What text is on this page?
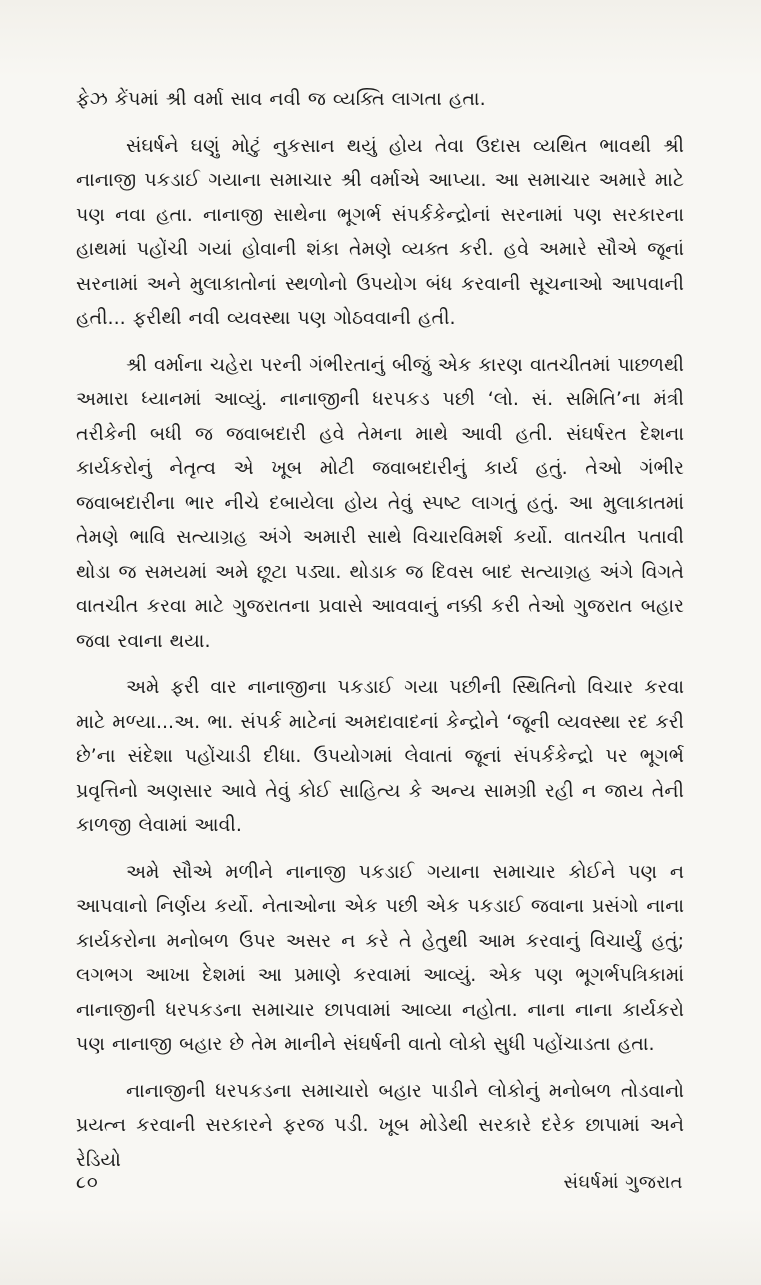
ફેઝ કેંપમાં શ્રી વર્મા સાવ નવી જ વ્યક્તિ લાગતા હતા.

સંઘર્ષને ઘણું મોટું નુકસાન થયું હોય તેવા ઉદાસ વ્યથિત ભાવથી શ્રી નાનાજી પકડાઈ ગયાના સમાચાર શ્રી વર્માએ આપ્યા. આ સમાચાર અમારે માટે પણ નવા હતા. નાનાજી સાથેના ભૂગર્ભ સંપર્કકેન્દ્રોનાં સરનામાં પણ સરકારના હાથમાં પહોંચી ગયાં હોવાની શંકા તેમણે વ્યક્ત કરી. હવે અમારે સૌએ જૂનાં સરનામાં અને મુલાકાતોનાં સ્થળોનો ઉપયોગ બંધ કરવાની સૂચનાઓ આપવાની હતી... ફરીથી નવી વ્યવસ્થા પણ ગોઠવવાની હતી.

શ્રી વર્માના ચહેરા પરની ગંભીરતાનું બીજું એક કારણ વાતચીતમાં પાછળથી અમારા ધ્યાનમાં આવ્યું. નાનાજીની ધરપકડ પછી ‘લો. સં. સમિતિ’ના મંત્રી તરીકેની બધી જ જવાબદારી હવે તેમના માથે આવી હતી. સંઘર્ષરત દેશના કાર્યકરોનું નેતૃત્વ એ ખૂબ મોટી જવાબદારીનું કાર્ય હતું. તેઓ ગંભીર જવાબદારીના ભાર નીચે દબાયેલા હોય તેવું સ્પષ્ટ લાગતું હતું. આ મુલાકાતમાં તેમણે ભાવિ સત્યાગ્રહ અંગે અમારી સાથે વિચારવિમર્શ કર્યો. વાતચીત પતાવી થોડા જ સમયમાં અમે છૂટા પડ્યા. થોડાક જ દિવસ બાદ સત્યાગ્રહ અંગે વિગતે વાતચીત કરવા માટે ગુજરાતના પ્રવાસે આવવાનું નક્કી કરી તેઓ ગુજરાત બહાર જવા રવાના થયા.

અમે ફરી વાર નાનાજીના પકડાઈ ગયા પછીની સ્થિતિનો વિચાર કરવા માટે મળ્યા...અ. ભા. સંપર્ક માટેનાં અમદાવાદનાં કેન્દ્રોને ‘જૂની વ્યવસ્થા રદ કરી છે’ના સંદેશા પહોંચાડી દીધા. ઉપયોગમાં લેવાતાં જૂનાં સંપર્કકેન્દ્રો પર ભૂગર્ભ પ્રવૃત્તિનો અણસાર આવે તેવું કોઈ સાહિત્ય કે અન્ય સામગ્રી રહી ન જાય તેની કાળજી લેવામાં આવી.

અમે સૌએ મળીને નાનાજી પકડાઈ ગયાના સમાચાર કોઈને પણ ન આપવાનો નિર્ણય કર્યો. નેતાઓના એક પછી એક પકડાઈ જવાના પ્રસંગો નાના કાર્યકરોના મનોબળ ઉપર અસર ન કરે તે હેતુથી આમ કરવાનું વિચાર્યું હતું; લગભગ આખા દેશમાં આ પ્રમાણે કરવામાં આવ્યું. એક પણ ભૂગર્ભપત્રિકામાં નાનાજીની ધરપકડના સમાચાર છાપવામાં આવ્યા નહોતા. નાના નાના કાર્યકરો પણ નાનાજી બહાર છે તેમ માનીને સંઘર્ષની વાતો લોકો સુધી પહોંચાડતા હતા.

નાનાજીની ધરપકડના સમાચારો બહાર પાડીને લોકોનું મનોબળ તોડવાનો પ્રયત્ન કરવાની સરકારને ફરજ પડી. ખૂબ મોડેથી સરકારે દરેક છાપામાં અને રેડિયો

૮૦	સંઘર્ષમાં ગુજરાત
